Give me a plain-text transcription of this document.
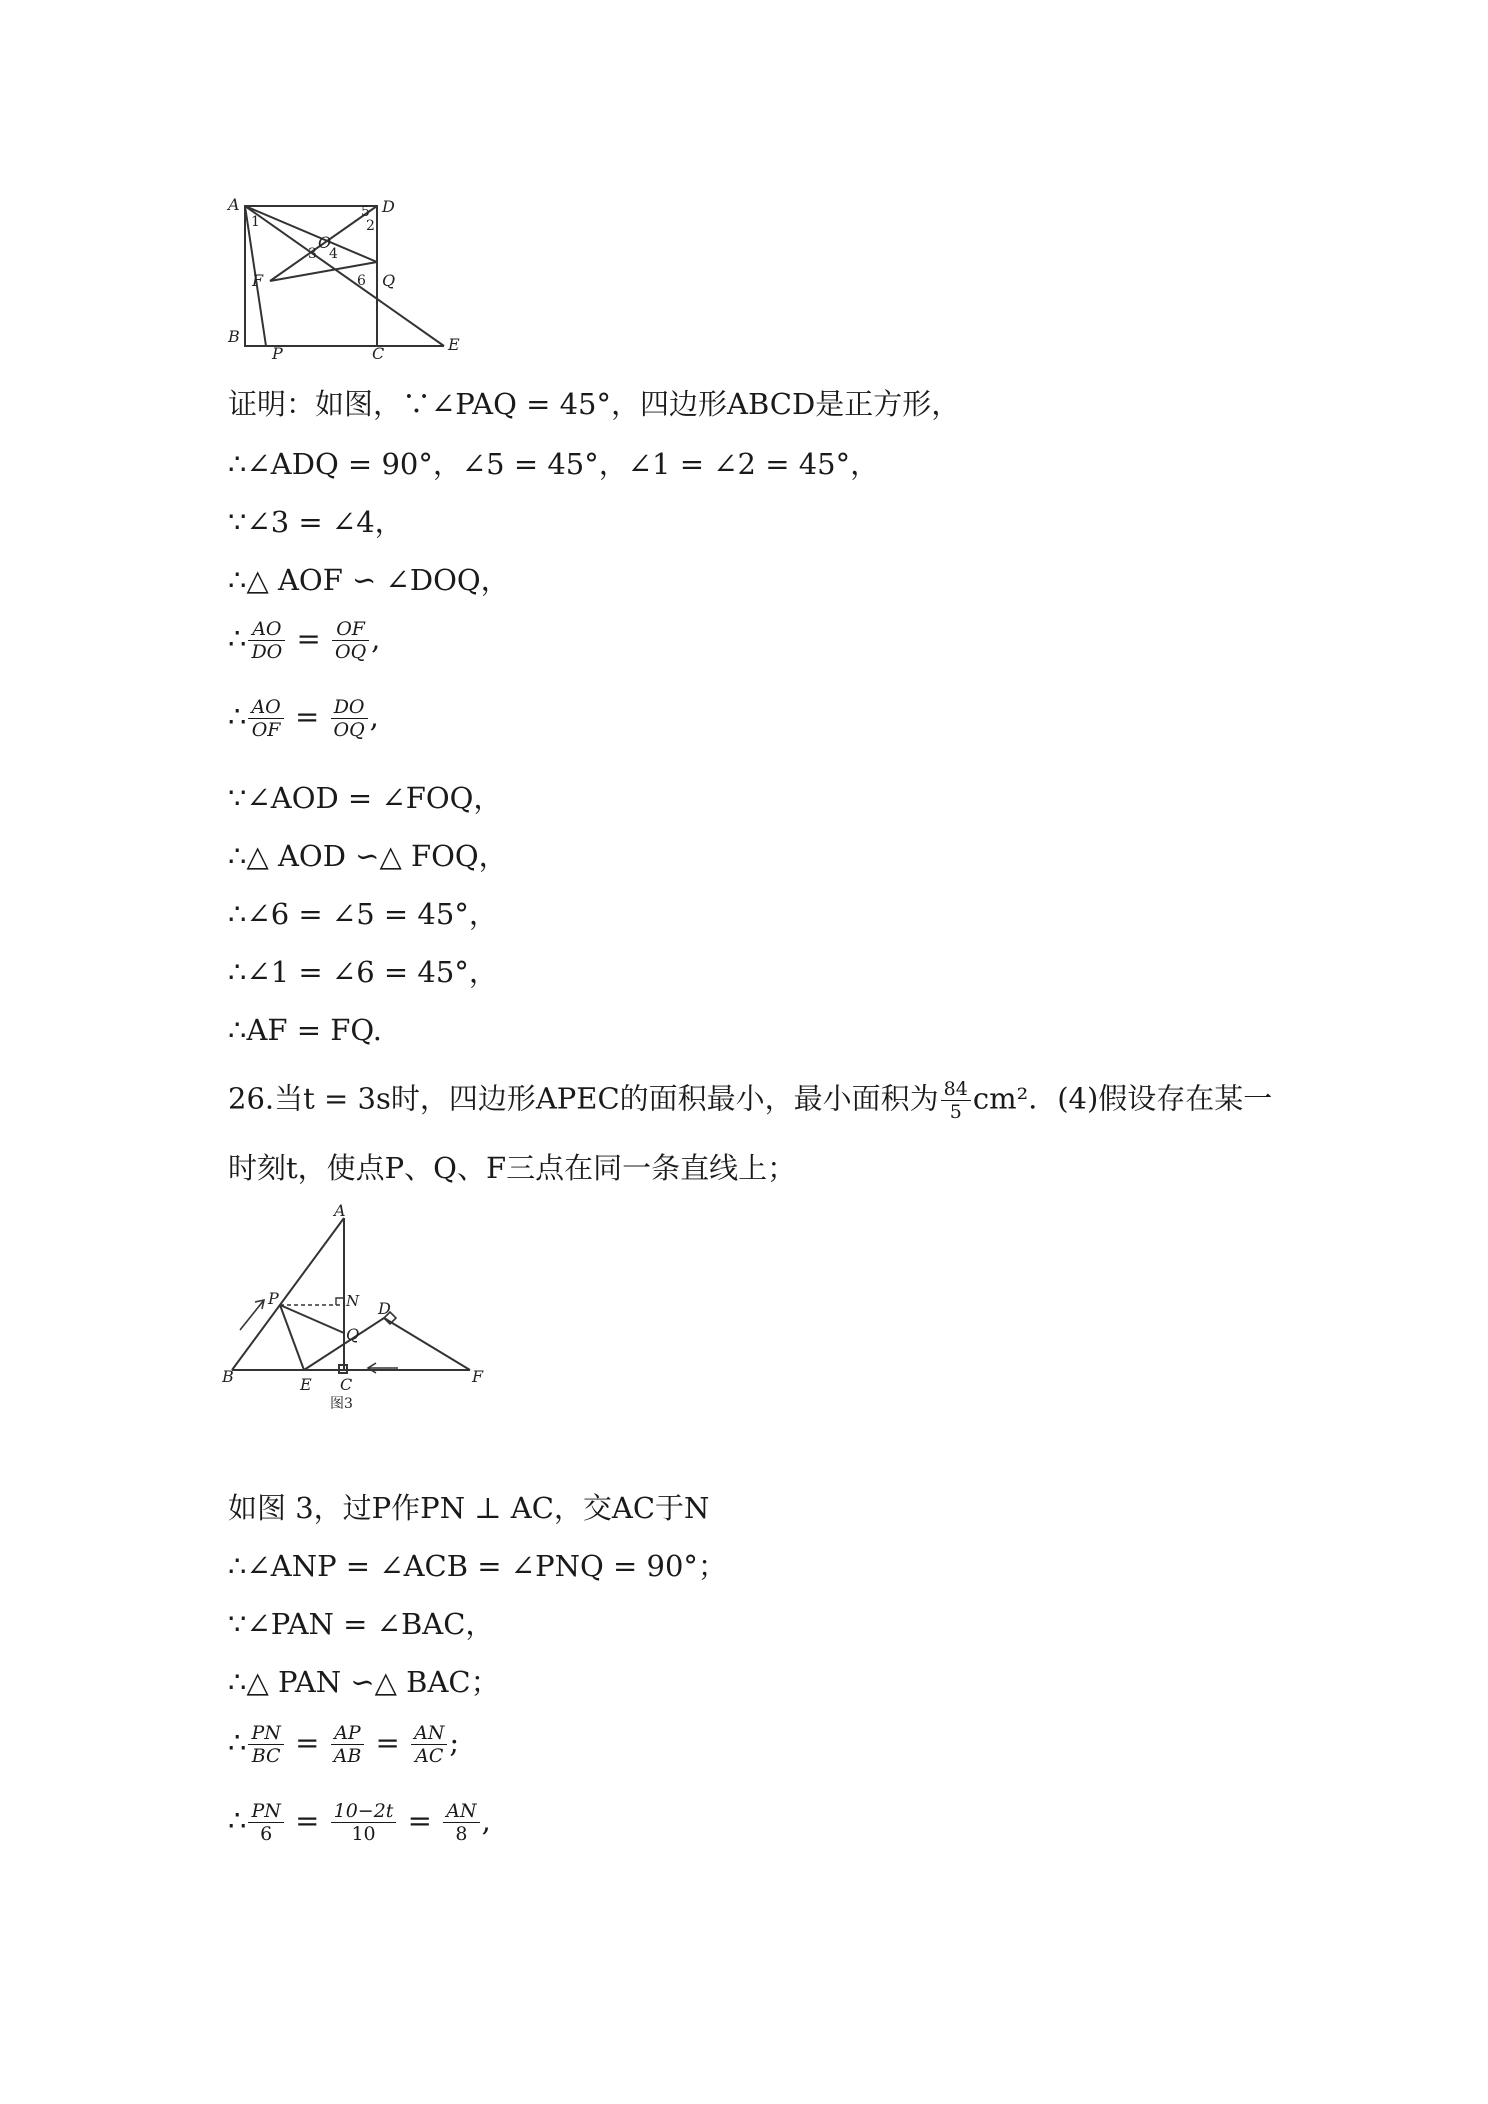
A	D
B
C	E
F
P
Q
O
1	2
3 4
5
6
证明：如图，∵∠PAQ = 45°，四边形ABCD是正方形，
∴∠ADQ = 90°，∠5 = 45°，∠1 = ∠2 = 45°，
∵∠3 = ∠4，
∴△ AOF ∽ ∠DOQ，
∴ $\frac{AO}{DO} = \frac{OF}{OQ}$ ,
∴ $\frac{AO}{OF} = \frac{DO}{OQ}$ ,
∵∠AOD = ∠FOQ，
∴△ AOD ∽△ FOQ，
∴∠6 = ∠5 = 45°，
∴∠1 = ∠6 = 45°，
∴AF = FQ.
26.当t = 3s时，四边形APEC的面积最小，最小面积为 $\frac{84}{5} cm^2$．(4)假设存在某一
时刻t，使点P、Q、F三点在同一条直线上；
A
B	C
D
E	F
P
Q
N
图3
如图 3，过P作PN ⊥ AC，交AC于N
∴∠ANP = ∠ACB = ∠PNQ = 90°；
∵∠PAN = ∠BAC，
∴△ PAN ∽△ BAC；
∴ $\frac{PN}{BC} = \frac{AP}{AB} = \frac{AN}{AC}$ ;
∴ $\frac{PN}{6} = \frac{10-2t}{10} = \frac{AN}{8}$ ,
